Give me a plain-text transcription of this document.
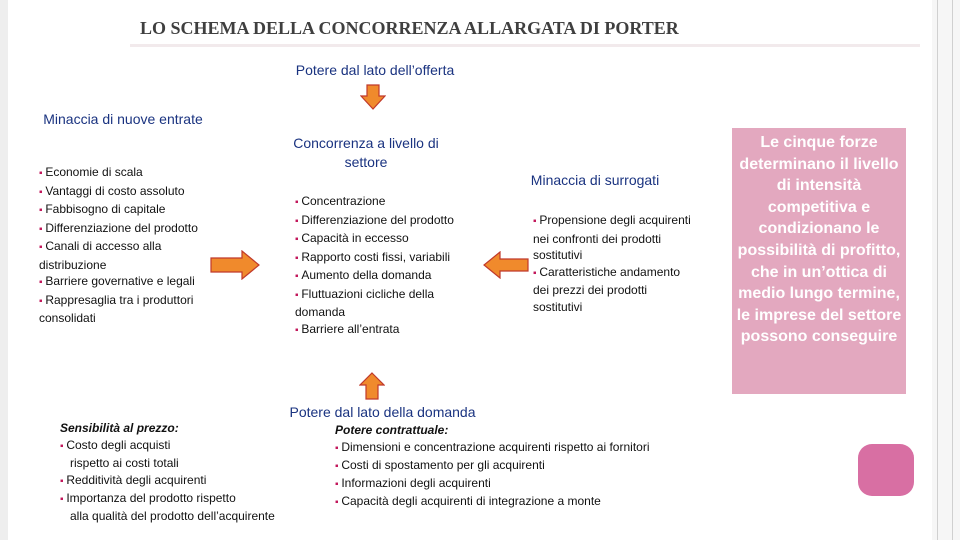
LO SCHEMA DELLA CONCORRENZA ALLARGATA DI PORTER
Potere dal lato dell’offerta
Minaccia di nuove entrate
▪ Economie di scala
▪ Vantaggi di costo assoluto
▪ Fabbisogno di capitale
▪ Differenziazione del prodotto
▪ Canali di accesso alla distribuzione
▪ Barriere governative e legali
▪ Rappresaglia tra i produttori consolidati
Concorrenza a livello di settore
▪ Concentrazione
▪ Differenziazione del prodotto
▪ Capacità in eccesso
▪ Rapporto costi fissi, variabili
▪ Aumento della domanda
▪ Fluttuazioni cicliche della domanda
▪ Barriere all’entrata
Minaccia di surrogati
▪ Propensione degli acquirenti nei confronti dei prodotti sostitutivi
▪ Caratteristiche andamento dei prezzi dei prodotti sostitutivi
Le cinque forze determinano il livello di intensità competitiva e condizionano le possibilità di profitto, che in un’ottica di medio lungo termine, le imprese del settore possono conseguire
Potere dal lato della domanda
Sensibilità al prezzo:
▪ Costo degli acquisti
rispetto ai costi totali
▪ Redditività degli acquirenti
▪ Importanza del prodotto rispetto
alla qualità del prodotto dell’acquirente
Potere contrattuale:
▪ Dimensioni e concentrazione acquirenti rispetto ai fornitori
▪ Costi di spostamento per gli acquirenti
▪ Informazioni degli acquirenti
▪ Capacità degli acquirenti di integrazione a monte
